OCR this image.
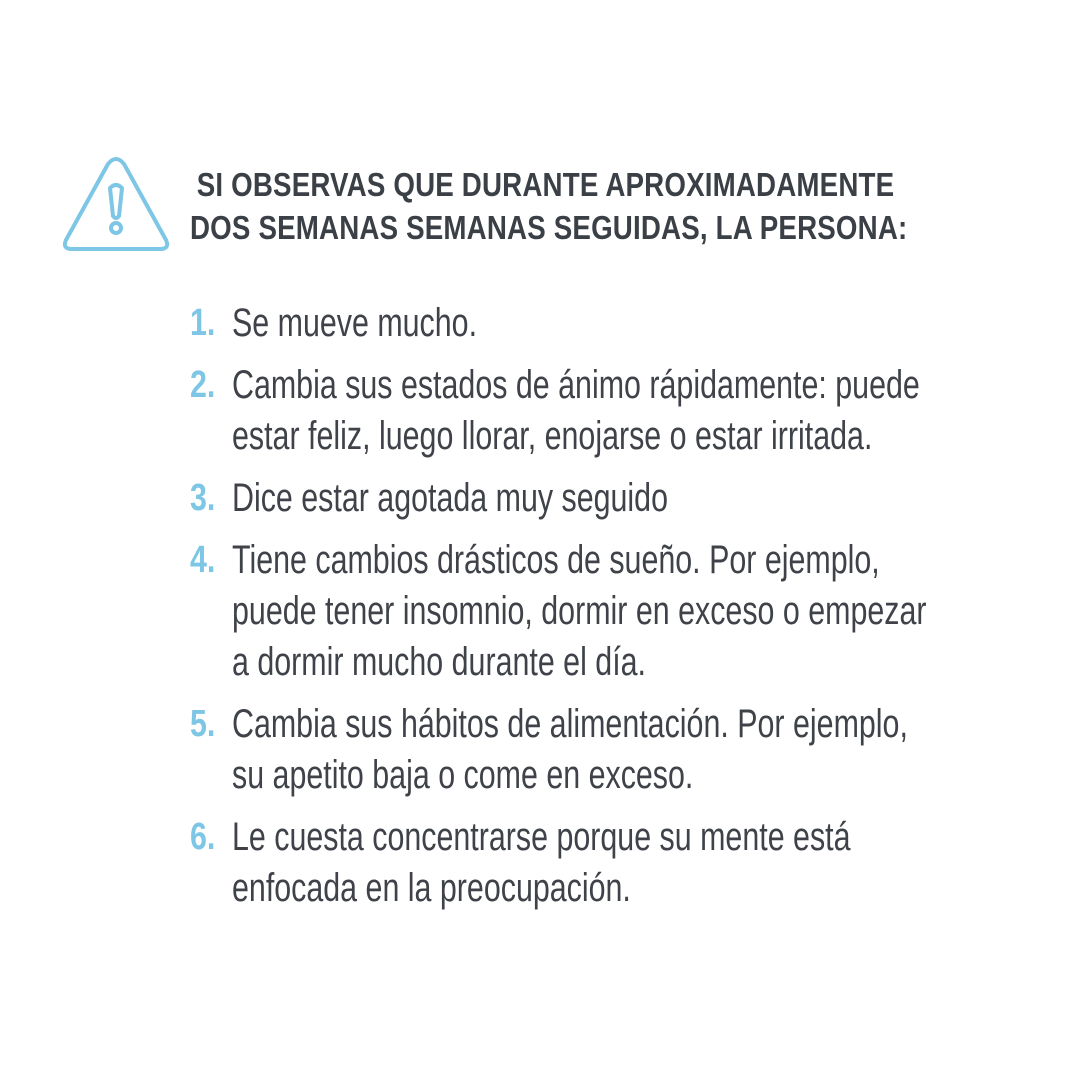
SI OBSERVAS QUE DURANTE APROXIMADAMENTE
DOS SEMANAS SEMANAS SEGUIDAS, LA PERSONA:
1. Se mueve mucho.
2. Cambia sus estados de ánimo rápidamente: puede
estar feliz, luego llorar, enojarse o estar irritada.
3. Dice estar agotada muy seguido
4. Tiene cambios drásticos de sueño. Por ejemplo,
puede tener insomnio, dormir en exceso o empezar
a dormir mucho durante el día.
5. Cambia sus hábitos de alimentación. Por ejemplo,
su apetito baja o come en exceso.
6. Le cuesta concentrarse porque su mente está
enfocada en la preocupación.
